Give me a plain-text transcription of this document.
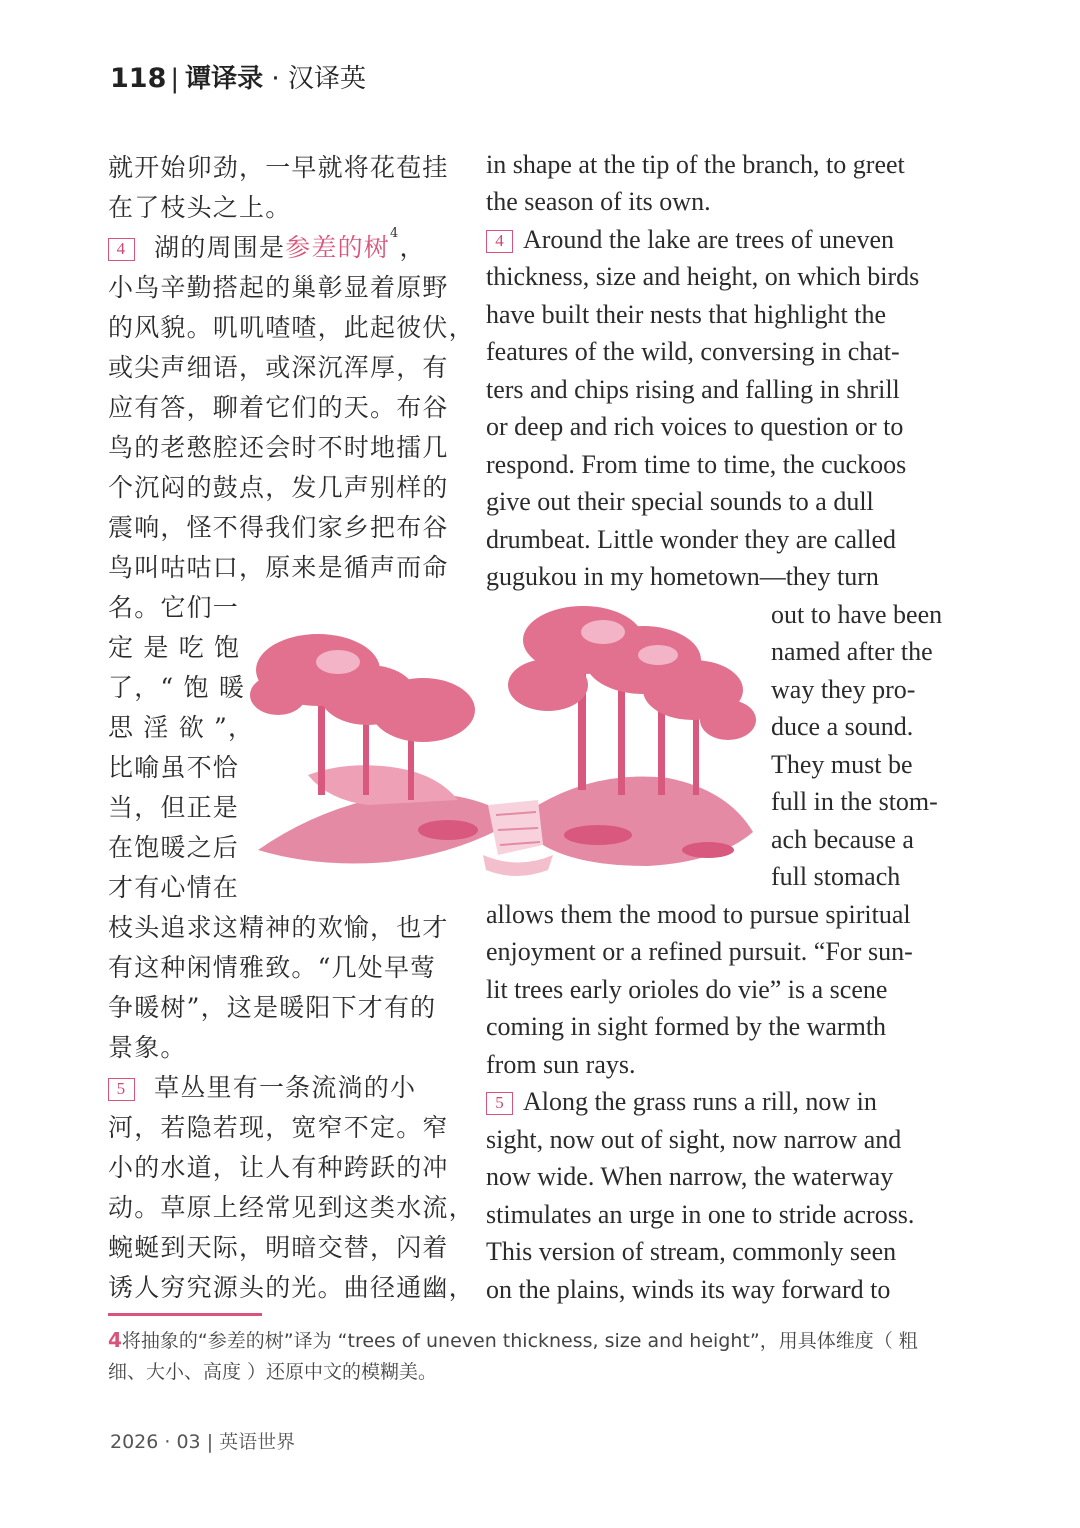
118 | 谭译录 · 汉译英
就开始卯劲，一早就将花苞挂
在了枝头之上。
4 湖的周围是参差的树$^4$，
小鸟辛勤搭起的巢彰显着原野
的风貌。叽叽喳喳，此起彼伏，
或尖声细语，或深沉浑厚，有
应有答，聊着它们的天。布谷
鸟的老憨腔还会时不时地擂几
个沉闷的鼓点，发几声别样的
震响，怪不得我们家乡把布谷
鸟叫咕咕口，原来是循声而命
名。它们一
定 是 吃 饱
了，“ 饱 暖
思 淫 欲 ”，
比喻虽不恰
当，但正是
在饱暖之后
才有心情在
枝头追求这精神的欢愉，也才
有这种闲情雅致。“几处早莺
争暖树”，这是暖阳下才有的
景象。
5 草丛里有一条流淌的小
河，若隐若现，宽窄不定。窄
小的水道，让人有种跨跃的冲
动。草原上经常见到这类水流，
蜿蜒到天际，明暗交替，闪着
诱人穷究源头的光。曲径通幽，
in shape at the tip of the branch, to greet
the season of its own.
4 Around the lake are trees of uneven
thickness, size and height, on which birds
have built their nests that highlight the
features of the wild, conversing in chat-
ters and chips rising and falling in shrill
or deep and rich voices to question or to
respond. From time to time, the cuckoos
give out their special sounds to a dull
drumbeat. Little wonder they are called
gugukou in my hometown—they turn
out to have been
named after the
way they pro-
duce a sound.
They must be
full in the stom-
ach because a
full stomach
allows them the mood to pursue spiritual
enjoyment or a refined pursuit. “For sun-
lit trees early orioles do vie” is a scene
coming in sight formed by the warmth
from sun rays.
5 Along the grass runs a rill, now in
sight, now out of sight, now narrow and
now wide. When narrow, the waterway
stimulates an urge in one to stride across.
This version of stream, commonly seen
on the plains, winds its way forward to
4将抽象的“参差的树”译为 “trees of uneven thickness, size and height”，用具体维度（ 粗
细、大小、高度 ）还原中文的模糊美。
2026 · 03 | 英语世界
